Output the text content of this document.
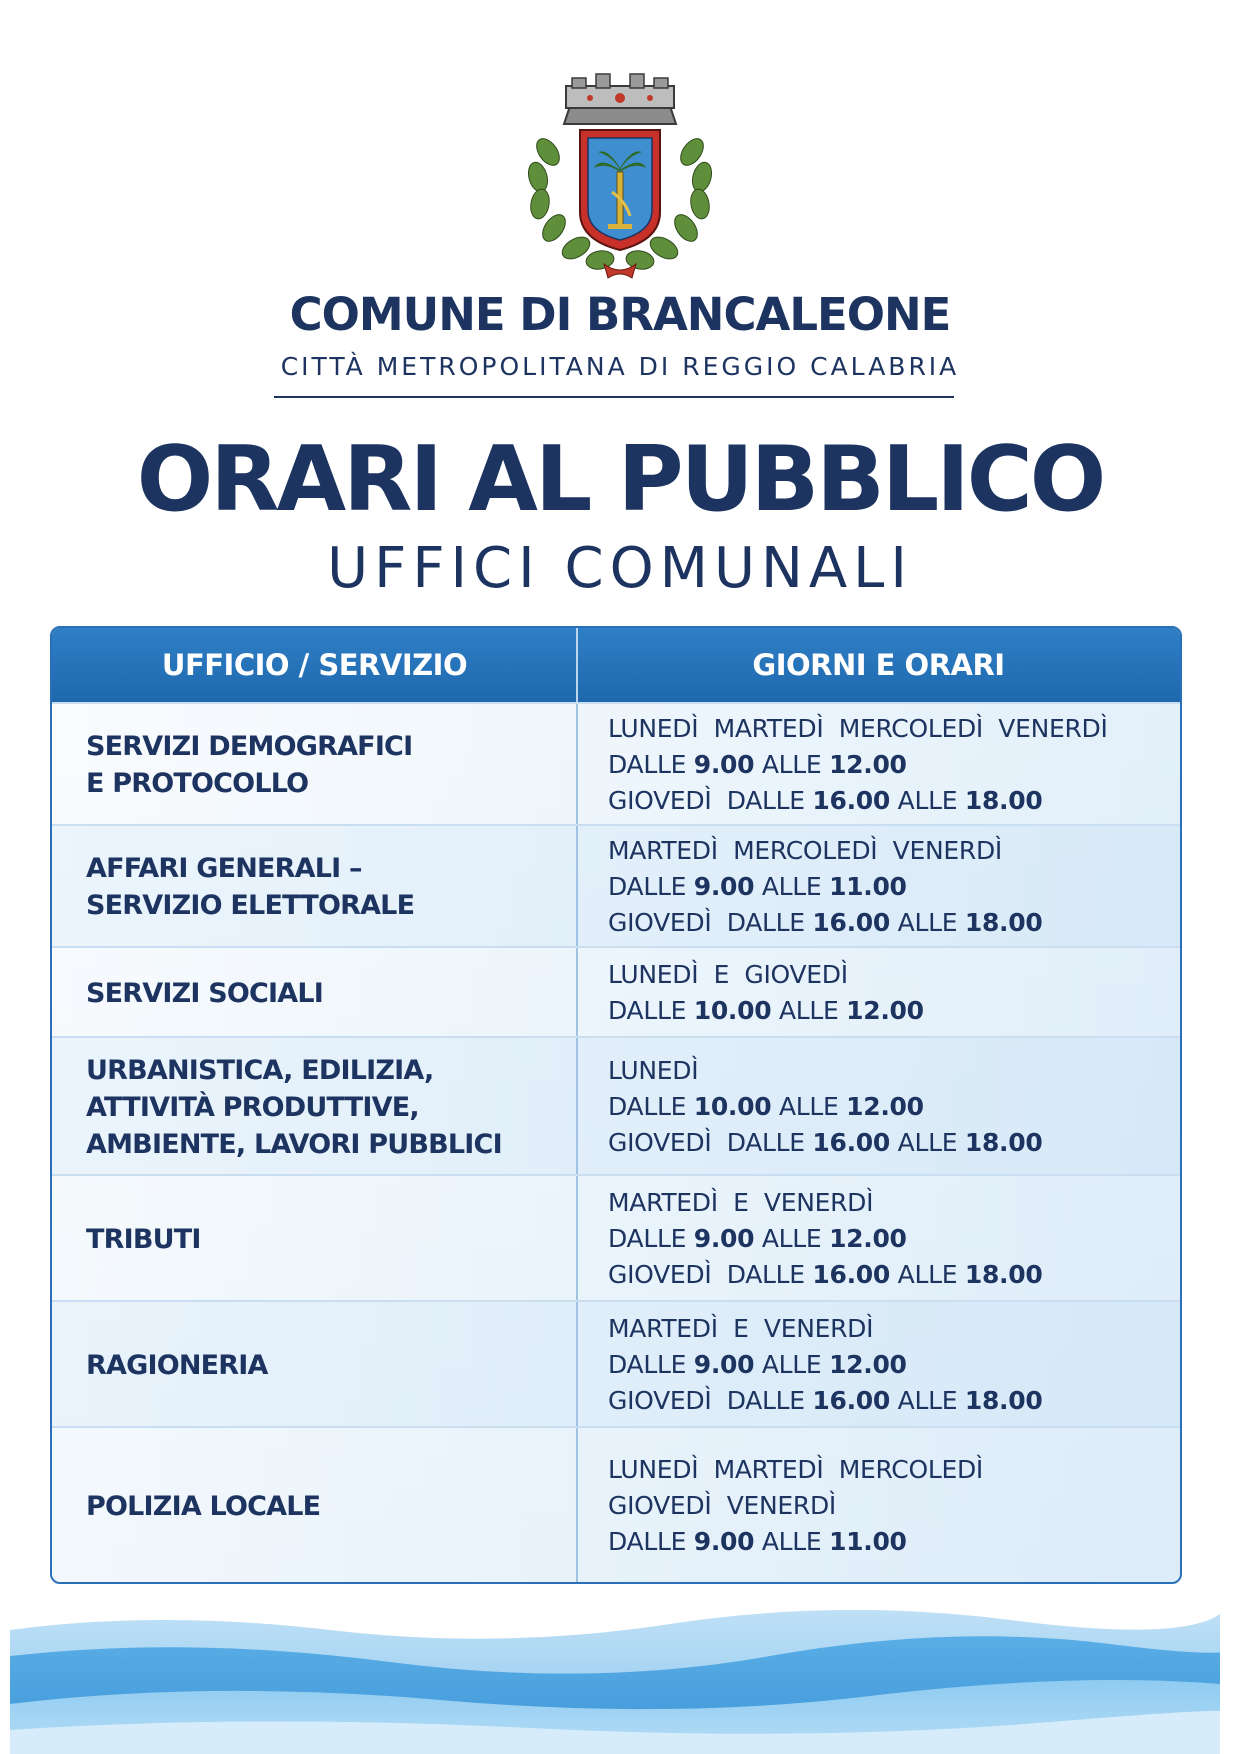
COMUNE DI BRANCALEONE
CITTÀ METROPOLITANA DI REGGIO CALABRIA
ORARI AL PUBBLICO
UFFICI COMUNALI
UFFICIO / SERVIZIO	GIORNI E ORARI
SERVIZI DEMOGRAFICI
E PROTOCOLLO
LUNEDÌ  MARTEDÌ  MERCOLEDÌ  VENERDÌ
DALLE 9.00 ALLE 12.00
GIOVEDÌ  DALLE 16.00 ALLE 18.00
AFFARI GENERALI –
SERVIZIO ELETTORALE
MARTEDÌ  MERCOLEDÌ  VENERDÌ
DALLE 9.00 ALLE 11.00
GIOVEDÌ  DALLE 16.00 ALLE 18.00
SERVIZI SOCIALI
LUNEDÌ  E  GIOVEDÌ
DALLE 10.00 ALLE 12.00
URBANISTICA, EDILIZIA,
ATTIVITÀ PRODUTTIVE,
AMBIENTE, LAVORI PUBBLICI
LUNEDÌ
DALLE 10.00 ALLE 12.00
GIOVEDÌ  DALLE 16.00 ALLE 18.00
TRIBUTI
MARTEDÌ  E  VENERDÌ
DALLE 9.00 ALLE 12.00
GIOVEDÌ  DALLE 16.00 ALLE 18.00
RAGIONERIA
MARTEDÌ  E  VENERDÌ
DALLE 9.00 ALLE 12.00
GIOVEDÌ  DALLE 16.00 ALLE 18.00
POLIZIA LOCALE
LUNEDÌ  MARTEDÌ  MERCOLEDÌ
GIOVEDÌ  VENERDÌ
DALLE 9.00 ALLE 11.00
